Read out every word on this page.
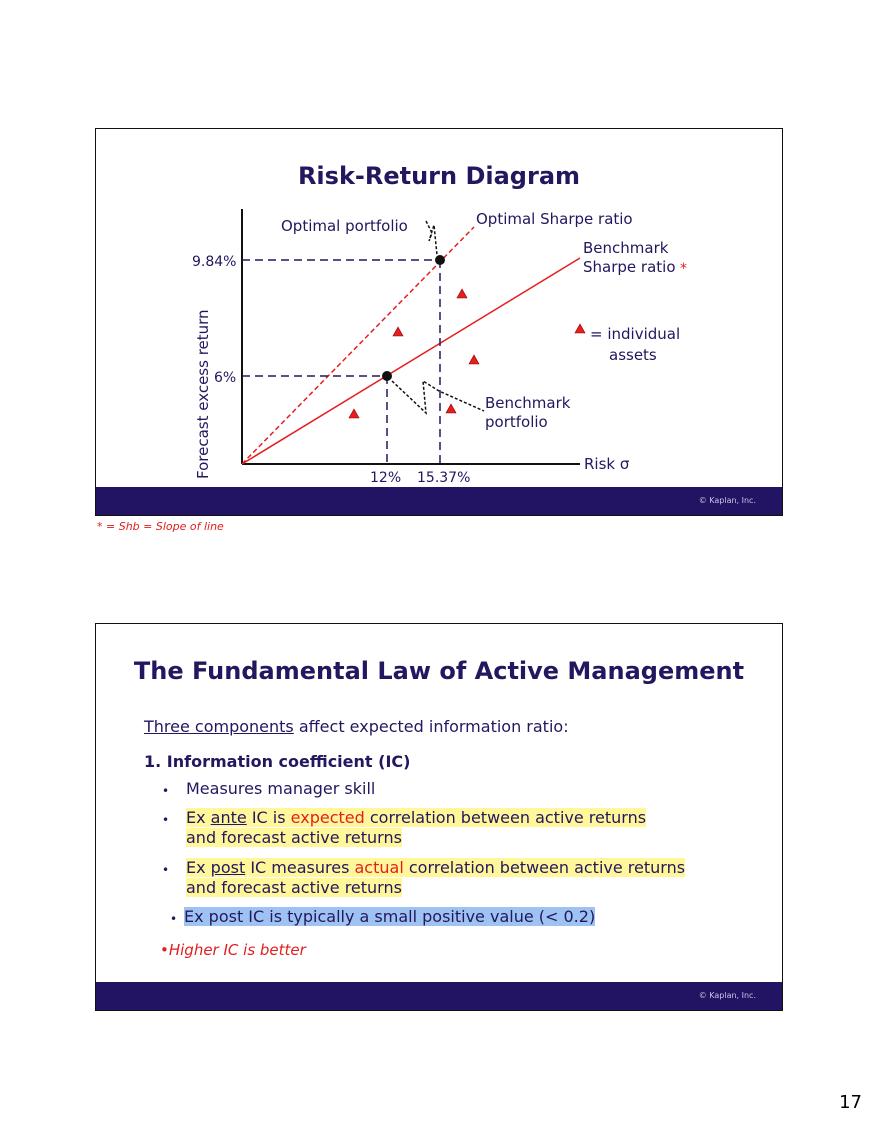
Risk-Return Diagram
*
Optimal portfolio	Optimal Sharpe ratio
Benchmark
Sharpe ratio
= individual
assets
Benchmark
portfolio
Forecast excess return	Risk σ
9.84%
6%
12% 15.37%
© Kaplan, Inc.
* = Shb = Slope of line
The Fundamental Law of Active Management
Three components affect expected information ratio:
1. Information coefficient (IC)
• Measures manager skill
• Ex ante IC is expected correlation between active returns
and forecast active returns
• Ex post IC measures actual correlation between active returns
and forecast active returns
• Ex post IC is typically a small positive value (< 0.2)
•Higher IC is better
© Kaplan, Inc.
17
